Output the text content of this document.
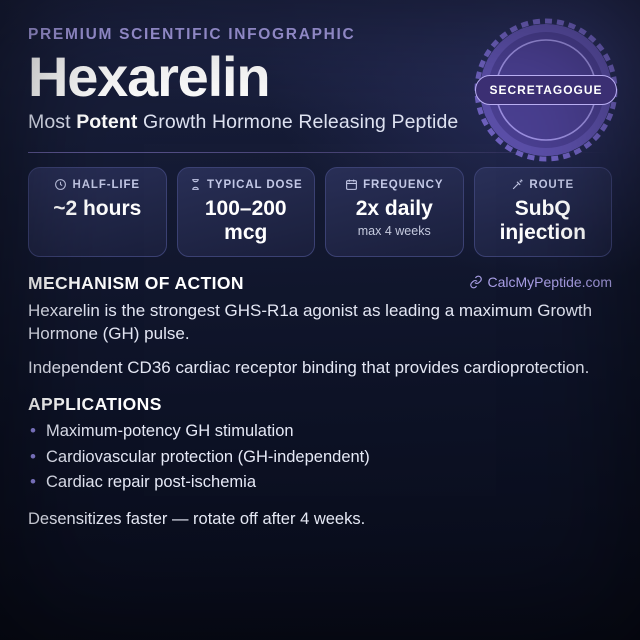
PREMIUM SCIENTIFIC INFOGRAPHIC
Hexarelin
Most Potent Growth Hormone Releasing Peptide
SECRETAGOGUE
HALF-LIFE
~2 hours
TYPICAL DOSE
100–200 mcg
FREQUENCY
2x daily
max 4 weeks
ROUTE
SubQ injection
MECHANISM OF ACTION	CalcMyPeptide.com

Hexarelin is the strongest GHS-R1a agonist as leading a maximum Growth Hormone (GH) pulse.

Independent CD36 cardiac receptor binding that provides cardioprotection.

APPLICATIONS
• Maximum-potency GH stimulation
• Cardiovascular protection (GH-independent)
• Cardiac repair post-ischemia
Desensitizes faster — rotate off after 4 weeks.
